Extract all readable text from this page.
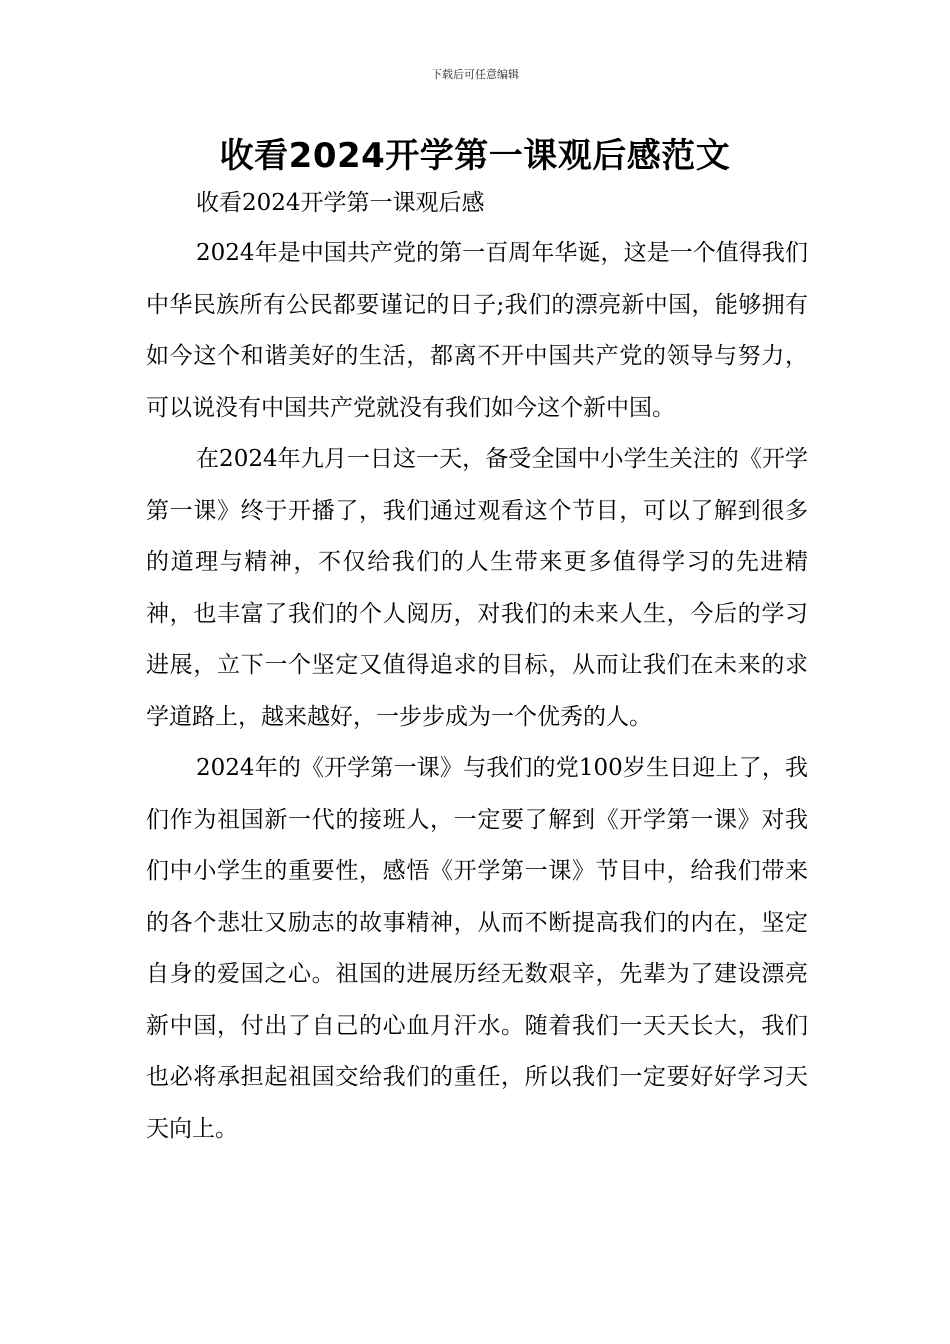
下载后可任意编辑
收看2024开学第一课观后感范文

收看2024开学第一课观后感

2024年是中国共产党的第一百周年华诞，这是一个值得我们中华民族所有公民都要谨记的日子;我们的漂亮新中国，能够拥有如今这个和谐美好的生活，都离不开中国共产党的领导与努力，可以说没有中国共产党就没有我们如今这个新中国。

在2024年九月一日这一天，备受全国中小学生关注的《开学第一课》终于开播了，我们通过观看这个节目，可以了解到很多的道理与精神，不仅给我们的人生带来更多值得学习的先进精神，也丰富了我们的个人阅历，对我们的未来人生，今后的学习进展，立下一个坚定又值得追求的目标，从而让我们在未来的求学道路上，越来越好，一步步成为一个优秀的人。

2024年的《开学第一课》与我们的党100岁生日迎上了，我们作为祖国新一代的接班人，一定要了解到《开学第一课》对我们中小学生的重要性，感悟《开学第一课》节目中，给我们带来的各个悲壮又励志的故事精神，从而不断提高我们的内在，坚定自身的爱国之心。祖国的进展历经无数艰辛，先辈为了建设漂亮新中国，付出了自己的心血月汗水。随着我们一天天长大，我们也必将承担起祖国交给我们的重任，所以我们一定要好好学习天天向上。
